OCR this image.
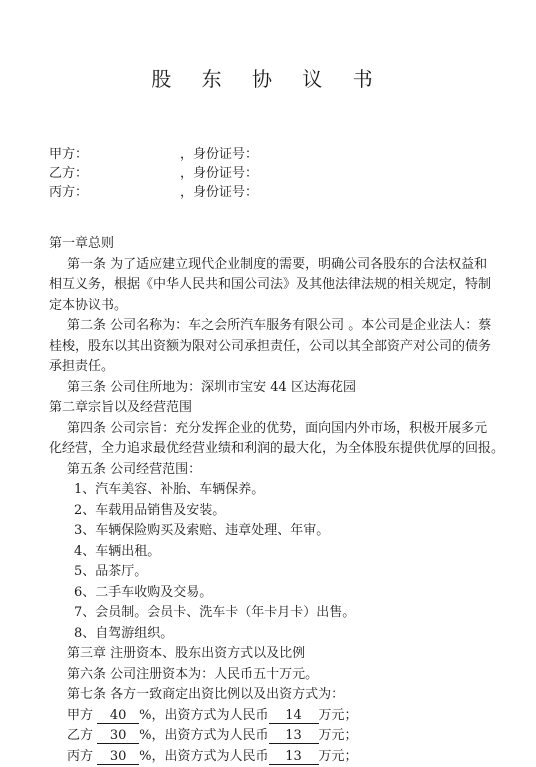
股 东 协 议 书
甲方：	，身份证号：
乙方：	，身份证号：
丙方：	，身份证号：
第一章总则
第一条 为了适应建立现代企业制度的需要，明确公司各股东的合法权益和
相互义务，根据《中华人民共和国公司法》及其他法律法规的相关规定，特制
定本协议书。
第二条 公司名称为：车之会所汽车服务有限公司 。本公司是企业法人：蔡
桂梭，股东以其出资额为限对公司承担责任，公司以其全部资产对公司的债务
承担责任。
第三条 公司住所地为：深圳市宝安 44 区达海花园
第二章宗旨以及经营范围
第四条 公司宗旨：充分发挥企业的优势，面向国内外市场，积极开展多元
化经营，全力追求最优经营业绩和利润的最大化，为全体股东提供优厚的回报。
第五条 公司经营范围：
1、汽车美容、补胎、车辆保养。
2、车载用品销售及安装。
3、车辆保险购买及索赔、违章处理、年审。
4、车辆出租。
5、品茶厅。
6、二手车收购及交易。
7、会员制。会员卡、洗车卡（年卡月卡）出售。
8、自驾游组织。
第三章 注册资本、股东出资方式以及比例
第六条 公司注册资本为：人民币五十万元。
第七条 各方一致商定出资比例以及出资方式为：
甲方 40 %，出资方式为人民币 14 万元；
乙方 30 %，出资方式为人民币 13 万元；
丙方 30 %，出资方式为人民币 13 万元；
